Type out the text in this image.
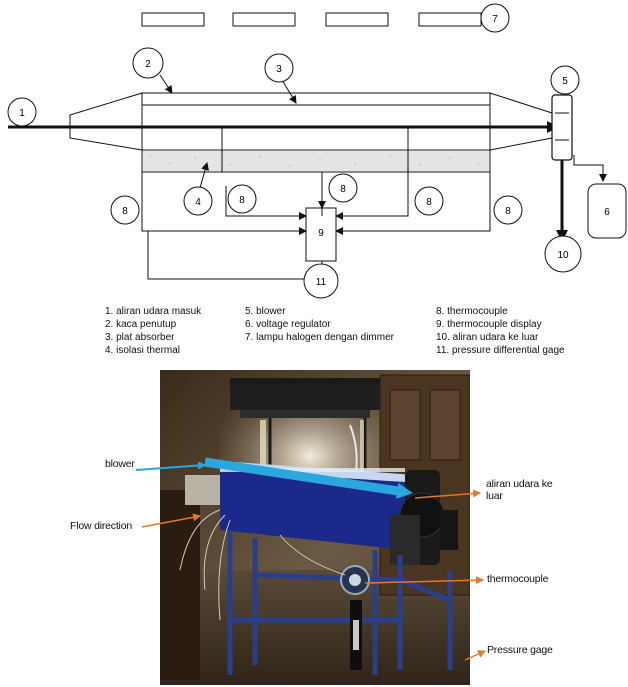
1
2	3
4
5
6
7
8
8
8
8
8
9
10
11
1. aliran udara masuk
2. kaca penutup
3. plat absorber
4. isolasi thermal
5. blower
6. voltage regulator
7. lampu halogen dengan dimmer
8. thermocouple
9. thermocouple display
10. aliran udara ke luar
11. pressure differential gage
blower
Flow direction
aliran udara ke luar
thermocouple
Pressure gage
